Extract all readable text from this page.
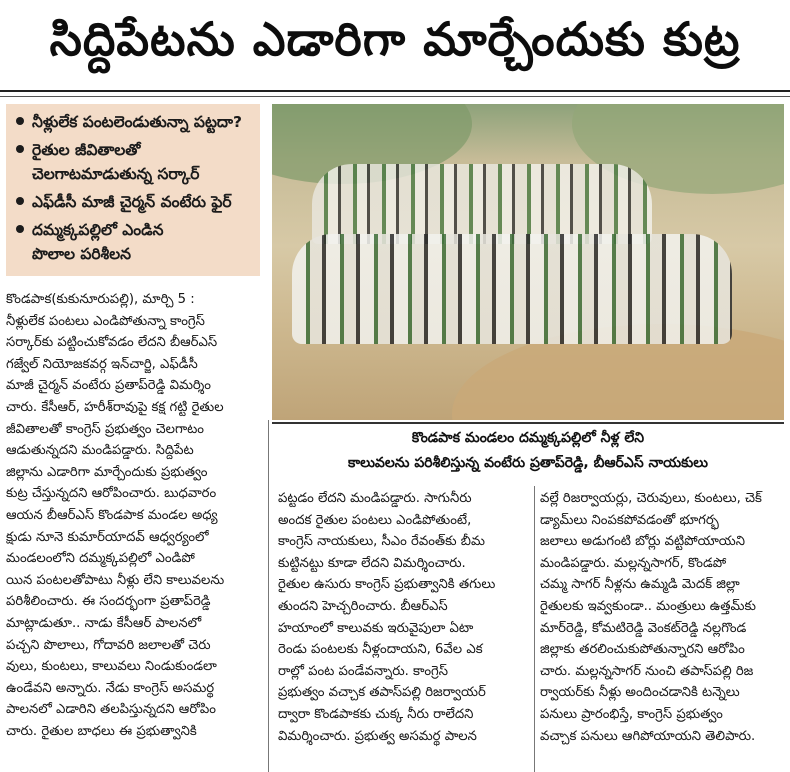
సిద్దిపేటను ఎడారిగా మార్చేందుకు కుట్ర
నీళ్లులేక పంటలెండుతున్నా పట్టదా?
రైతుల జీవితాలతో
చెలగాటమాడుతున్న సర్కార్
ఎఫ్‌డీసీ మాజీ చైర్మన్ వంటేరు ఫైర్
దమ్మక్కపల్లిలో ఎండిన
పొలాల పరిశీలన
కొండపాక మండలం దమ్మక్కపల్లిలో నీళ్ల లేని
కాలువలను పరిశీలిస్తున్న వంటేరు ప్రతాప్‌రెడ్డి, బీఆర్‌ఎస్ నాయకులు
కొండపాక(కుకునూరుపల్లి), మార్చి 5 :
నీళ్లులేక పంటలు ఎండిపోతున్నా కాంగ్రెస్
సర్కార్‌కు పట్టించుకోవడం లేదని బీఆర్‌ఎస్
గజ్వేల్ నియోజకవర్గ ఇన్‌చార్జి, ఎఫ్‌డీసీ
మాజీ చైర్మన్ వంటేరు ప్రతాప్‌రెడ్డి విమర్శిం
చారు. కేసీఆర్, హరీశ్‌రావుపై కక్ష గట్టి రైతుల
జీవితాలతో కాంగ్రెస్ ప్రభుత్వం చెలగాటం
ఆడుతున్నదని మండిపడ్డారు. సిద్దిపేట
జిల్లాను ఎడారిగా మార్చేందుకు ప్రభుత్వం
కుట్ర చేస్తున్నదని ఆరోపించారు. బుధవారం
ఆయన బీఆర్‌ఎస్ కొండపాక మండల అధ్య
క్షుడు నూనె కుమార్‌యాదవ్ ఆధ్వర్యంలో
మండలంలోని దమ్మక్కపల్లిలో ఎండిపో
యిన పంటలతోపాటు నీళ్లు లేని కాలువలను
పరిశీలించారు. ఈ సందర్భంగా ప్రతాప్‌రెడ్డి
మాట్లాడుతూ.. నాడు కేసీఆర్ పాలనలో
పచ్చని పొలాలు, గోదావరి జలాలతో చెరు
వులు, కుంటలు, కాలువలు నిండుకుండలా
ఉండేవని అన్నారు. నేడు కాంగ్రెస్ అసమర్థ
పాలనలో ఎడారిని తలపిస్తున్నదని ఆరోపిం
చారు. రైతుల బాధలు ఈ ప్రభుత్వానికి
పట్టడం లేదని మండిపడ్డారు. సాగునీరు
అందక రైతుల పంటలు ఎండిపోతుంటే,
కాంగ్రెస్ నాయకులు, సీఎం రేవంత్‌కు బీమ
కుట్టినట్టు కూడా లేదని విమర్శించారు.
రైతుల ఉసురు కాంగ్రెస్ ప్రభుత్వానికి తగులు
తుందని హెచ్చరించారు. బీఆర్‌ఎస్
హయాంలో కాలువకు ఇరువైపులా ఏటా
రెండు పంటలకు నీళ్లందాయని, 6వేల ఎక
రాల్లో పంట పండేవన్నారు. కాంగ్రెస్
ప్రభుత్వం వచ్చాక తపాస్‌పల్లి రిజర్వాయర్
ద్వారా కొండపాకకు చుక్క నీరు రాలేదని
విమర్శించారు. ప్రభుత్వ అసమర్థ పాలన
వల్లే రిజర్వాయర్లు, చెరువులు, కుంటలు, చెక్
డ్యామ్‌లు నింపకపోవడంతో భూగర్భ
జలాలు అడుగంటి బోర్లు వట్టిపోయాయని
మండిపడ్డారు. మల్లన్నసాగర్, కొండపో
చమ్మ సాగర్ నీళ్లను ఉమ్మడి మెదక్ జిల్లా
రైతులకు ఇవ్వకుండా.. మంత్రులు ఉత్తమ్‌కు
మార్‌రెడ్డి, కోమటిరెడ్డి వెంకట్‌రెడ్డి నల్లగొండ
జిల్లాకు తరలించుకుపోతున్నారని ఆరోపిం
చారు. మల్లన్నసాగర్ నుంచి తపాస్‌పల్లి రిజ
ర్వాయర్‌కు నీళ్లు అందించడానికి టన్నెలు
పనులు ప్రారంభిస్తే, కాంగ్రెస్ ప్రభుత్వం
వచ్చాక పనులు ఆగిపోయాయని తెలిపారు.
